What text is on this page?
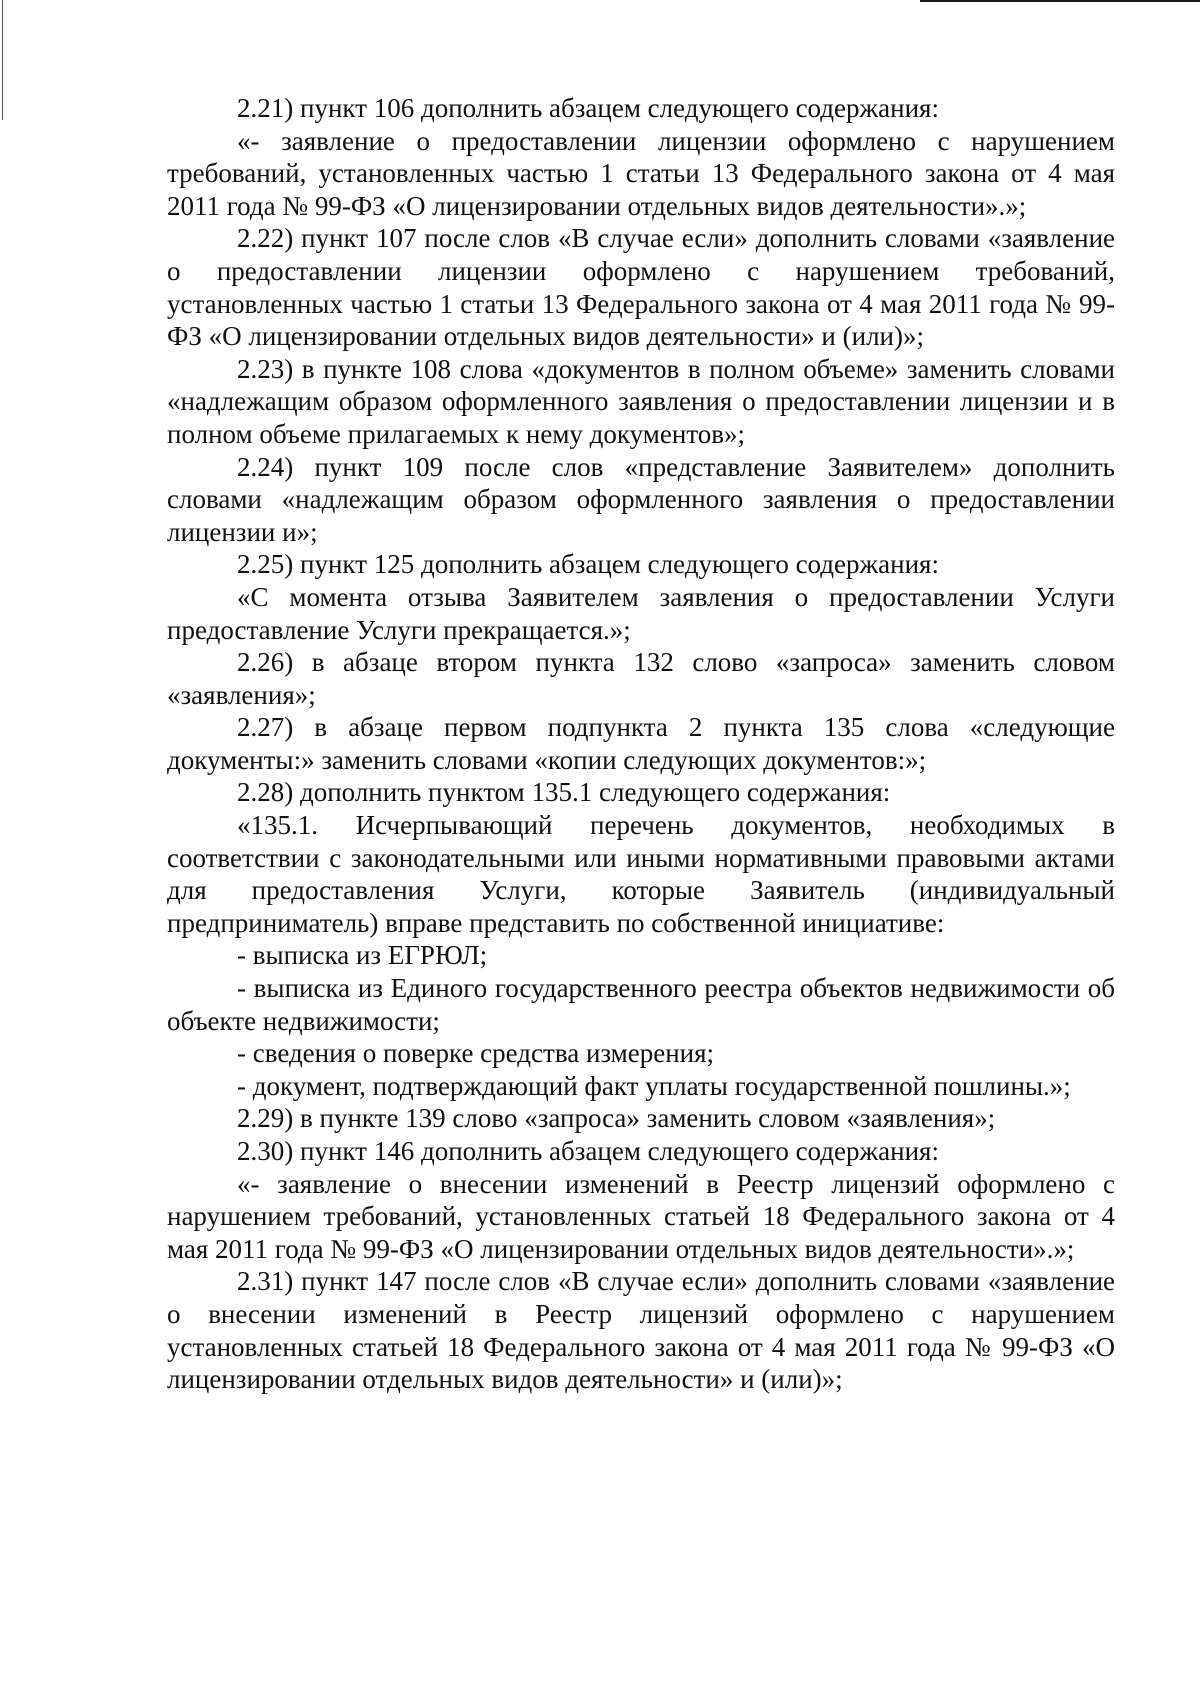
2.21) пункт 106 дополнить абзацем следующего содержания:

«- заявление о предоставлении лицензии оформлено с нарушением требований, установленных частью 1 статьи 13 Федерального закона от 4 мая 2011 года № 99-ФЗ «О лицензировании отдельных видов деятельности».»;

2.22) пункт 107 после слов «В случае если» дополнить словами «заявление о предоставлении лицензии оформлено с нарушением требований, установленных частью 1 статьи 13 Федерального закона от 4 мая 2011 года № 99-ФЗ «О лицензировании отдельных видов деятельности» и (или)»;

2.23) в пункте 108 слова «документов в полном объеме» заменить словами «надлежащим образом оформленного заявления о предоставлении лицензии и в полном объеме прилагаемых к нему документов»;

2.24) пункт 109 после слов «представление Заявителем» дополнить словами «надлежащим образом оформленного заявления о предоставлении лицензии и»;

2.25) пункт 125 дополнить абзацем следующего содержания:

«С момента отзыва Заявителем заявления о предоставлении Услуги предоставление Услуги прекращается.»;

2.26) в абзаце втором пункта 132 слово «запроса» заменить словом «заявления»;

2.27) в абзаце первом подпункта 2 пункта 135 слова «следующие документы:» заменить словами «копии следующих документов:»;

2.28) дополнить пунктом 135.1 следующего содержания:

«135.1. Исчерпывающий перечень документов, необходимых в соответствии с законодательными или иными нормативными правовыми актами для предоставления Услуги, которые Заявитель (индивидуальный предприниматель) вправе представить по собственной инициативе:

- выписка из ЕГРЮЛ;

- выписка из Единого государственного реестра объектов недвижимости об объекте недвижимости;

- сведения о поверке средства измерения;

- документ, подтверждающий факт уплаты государственной пошлины.»;

2.29) в пункте 139 слово «запроса» заменить словом «заявления»;

2.30) пункт 146 дополнить абзацем следующего содержания:

«- заявление о внесении изменений в Реестр лицензий оформлено с нарушением требований, установленных статьей 18 Федерального закона от 4 мая 2011 года № 99-ФЗ «О лицензировании отдельных видов деятельности».»;

2.31) пункт 147 после слов «В случае если» дополнить словами «заявление о внесении изменений в Реестр лицензий оформлено с нарушением установленных статьей 18 Федерального закона от 4 мая 2011 года № 99-ФЗ «О лицензировании отдельных видов деятельности» и (или)»;
